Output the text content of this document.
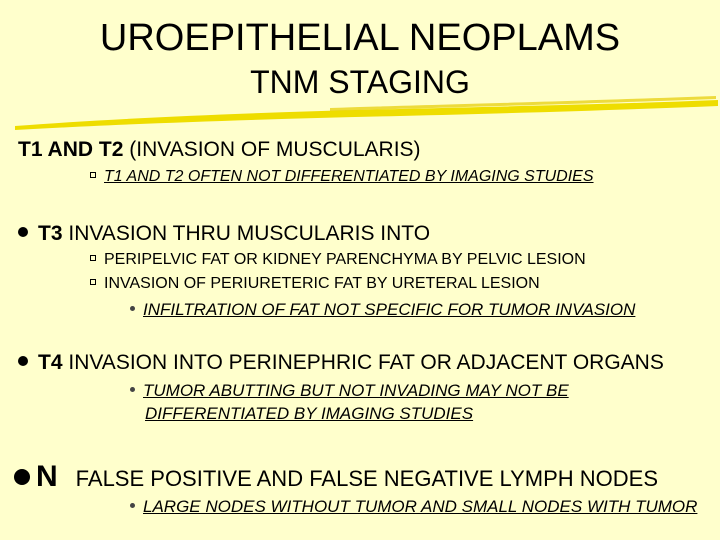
UROEPITHELIAL NEOPLAMS
TNM STAGING
T1 AND T2 (INVASION OF MUSCULARIS)
T1 AND T2 OFTEN NOT DIFFERENTIATED BY IMAGING STUDIES
T3 INVASION THRU MUSCULARIS INTO
PERIPELVIC FAT OR KIDNEY PARENCHYMA BY PELVIC LESION
INVASION OF PERIURETERIC FAT BY URETERAL LESION
INFILTRATION OF FAT NOT SPECIFIC FOR TUMOR INVASION
T4 INVASION INTO PERINEPHRIC FAT OR ADJACENT ORGANS
TUMOR ABUTTING BUT NOT INVADING MAY NOT BE
DIFFERENTIATED BY IMAGING STUDIES
N FALSE POSITIVE AND FALSE NEGATIVE LYMPH NODES
LARGE NODES WITHOUT TUMOR AND SMALL NODES WITH TUMOR
